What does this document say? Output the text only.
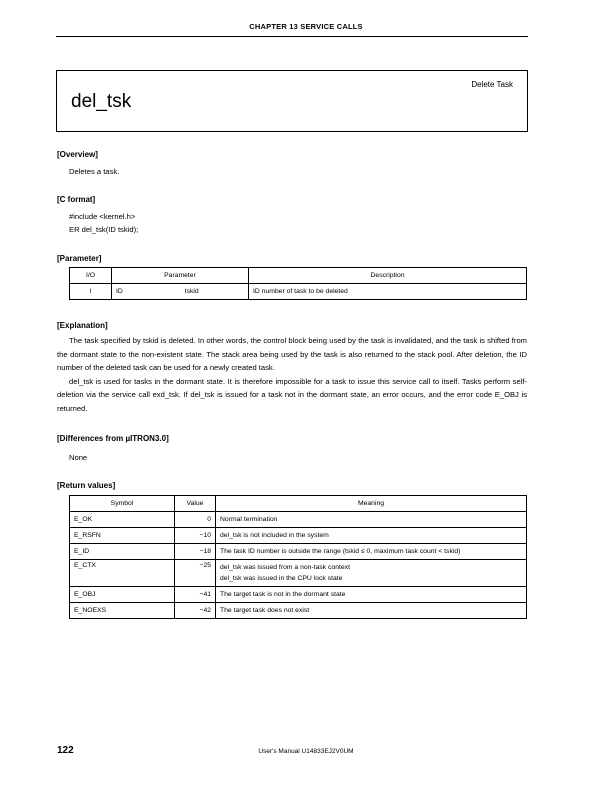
CHAPTER 13 SERVICE CALLS
del_tsk
Delete Task
[Overview]
Deletes a task.
[C format]
#include <kernel.h>
ER del_tsk(ID tskid);
[Parameter]
I/O	Parameter	Description
I	ID tskid	ID number of task to be deleted
[Explanation]

The task specified by tskid is deleted. In other words, the control block being used by the task is invalidated, and the task is shifted from the dormant state to the non-existent state. The stack area being used by the task is also returned to the stack pool. After deletion, the ID number of the deleted task can be used for a newly created task.

del_tsk is used for tasks in the dormant state. It is therefore impossible for a task to issue this service call to itself. Tasks perform self-deletion via the service call exd_tsk. If del_tsk is issued for a task not in the dormant state, an error occurs, and the error code E_OBJ is returned.

[Differences from µITRON3.0]
None
[Return values]
Symbol	Value	Meaning
E_OK	0	Normal termination
E_RSFN	−10	del_tsk is not included in the system
E_ID	−18	The task ID number is outside the range (tskid ≤ 0, maximum task count < tskid)
E_CTX	−25	del_tsk was issued from a non-task context
del_tsk was issued in the CPU lock state

E_OBJ	−41	The target task is not in the dormant state
E_NOEXS	−42	The target task does not exist
122	User's Manual U14833EJ2V0UM
